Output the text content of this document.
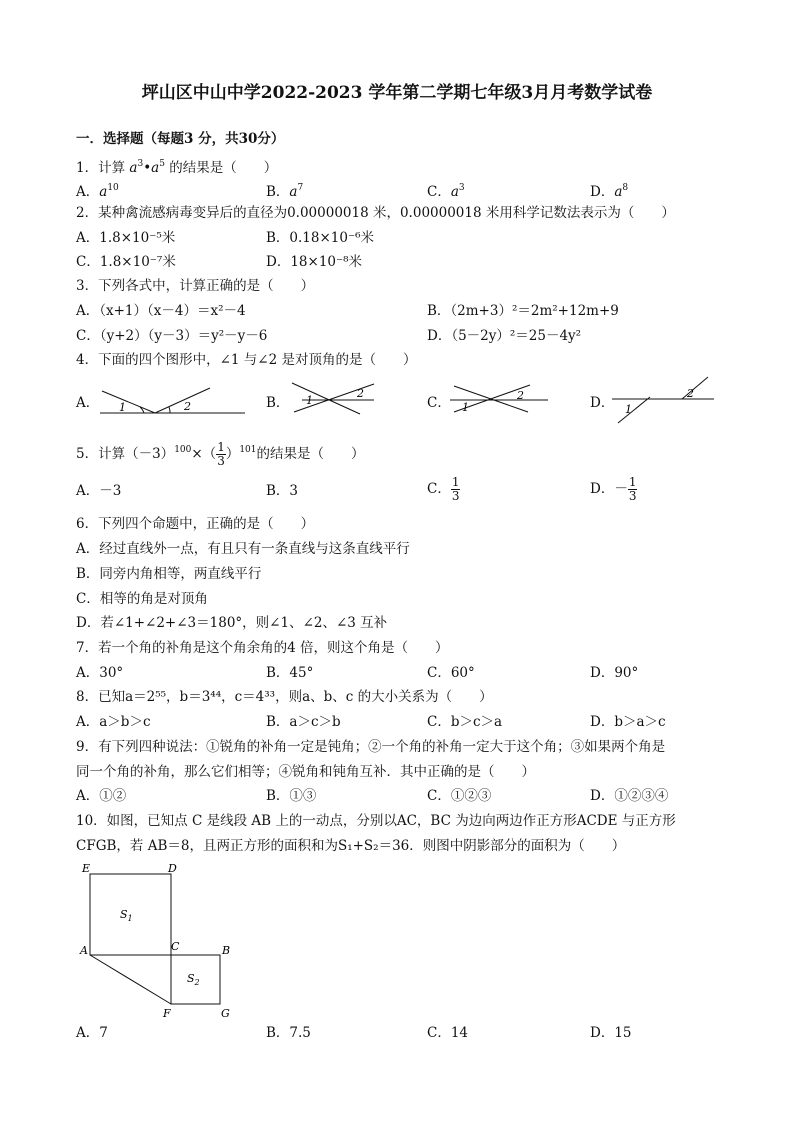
坪山区中山中学2022-2023 学年第二学期七年级3月月考数学试卷
一．选择题（每题3 分，共30分）
1．计算 $a^3•a^5$ 的结果是（　　）
A．$a^{10}$	B．$a^7$	C．$a^3$	D．$a^8$
2．某种禽流感病毒变异后的直径为0.00000018 米，0.00000018 米用科学记数法表示为（　　）
A．1.8×10⁻⁵米	B．0.18×10⁻⁶米
C．1.8×10⁻⁷米	D．18×10⁻⁸米
3．下列各式中，计算正确的是（　　）
A．（x+1）（x－4）＝x²－4	B．（2m+3）²＝2m²+12m+9
C．（y+2）（y－3）＝y²－y－6	D．（5－2y）²＝25－4y²
4．下面的四个图形中，∠1 与∠2 是对顶角的是（　　）
A．	B．	C．	D．
1	2	1
2
1
2
1
2
5．计算$(-3)^{100}\times( \frac{1}{3} )^{101}$的结果是（　　）
A．－3	B．3	C． $\frac{1}{3}$	D．－ $\frac{1}{3}$
6．下列四个命题中，正确的是（　　）
A．经过直线外一点，有且只有一条直线与这条直线平行
B．同旁内角相等，两直线平行
C．相等的角是对顶角
D．若∠1+∠2+∠3＝180°，则∠1、∠2、∠3 互补
7．若一个角的补角是这个角余角的4 倍，则这个角是（　　）
A．30°	B．45°	C．60°	D．90°
8．已知a＝2⁵⁵，b＝3⁴⁴，c＝4³³，则a、b、c 的大小关系为（　　）
A．a＞b＞c	B．a＞c＞b	C．b＞c＞a	D．b＞a＞c
9．有下列四种说法：①锐角的补角一定是钝角；②一个角的补角一定大于这个角；③如果两个角是
同一个角的补角，那么它们相等；④锐角和钝角互补．其中正确的是（　　）
A．①②	B．①③	C．①②③	D．①②③④
10．如图，已知点 C 是线段 AB 上的一动点，分别以AC，BC 为边向两边作正方形ACDE 与正方形
CFGB，若 AB＝8，且两正方形的面积和为S₁+S₂＝36．则图中阴影部分的面积为（　　）
E	D
A	C	B
F	G
$S_1$
$S_2$
A．7	B．7.5	C．14	D．15
